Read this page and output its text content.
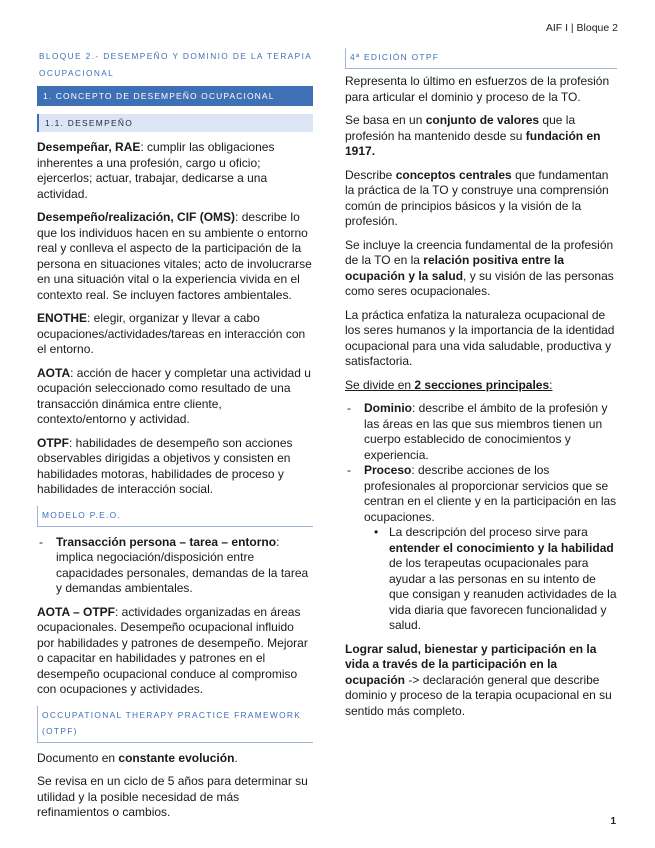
AIF I | Bloque 2
BLOQUE 2.- DESEMPEÑO Y DOMINIO DE LA TERAPIA OCUPACIONAL
1. CONCEPTO DE DESEMPEÑO OCUPACIONAL
1.1. DESEMPEÑO

Desempeñar, RAE: cumplir las obligaciones inherentes a una profesión, cargo u oficio; ejercerlos; actuar, trabajar, dedicarse a una actividad.

Desempeño/realización, CIF (OMS): describe lo que los individuos hacen en su ambiente o entorno real y conlleva el aspecto de la participación de la persona en situaciones vitales; acto de involucrarse en una situación vital o la experiencia vivida en el contexto real. Se incluyen factores ambientales.

ENOTHE: elegir, organizar y llevar a cabo ocupaciones/actividades/tareas en interacción con el entorno.

AOTA: acción de hacer y completar una actividad u ocupación seleccionado como resultado de una transacción dinámica entre cliente, contexto/entorno y actividad.

OTPF: habilidades de desempeño son acciones observables dirigidas a objetivos y consisten en habilidades motoras, habilidades de proceso y habilidades de interacción social.

MODELO P.E.O.
- Transacción persona – tarea – entorno: implica negociación/disposición entre capacidades personales, demandas de la tarea y demandas ambientales.

AOTA – OTPF: actividades organizadas en áreas ocupacionales. Desempeño ocupacional influido por habilidades y patrones de desempeño. Mejorar o capacitar en habilidades y patrones en el desempeño ocupacional conduce al compromiso con ocupaciones y actividades.

OCCUPATIONAL THERAPY PRACTICE FRAMEWORK (OTPF)

Documento en constante evolución.

Se revisa en un ciclo de 5 años para determinar su utilidad y la posible necesidad de más refinamientos o cambios.

4ª EDICIÓN OTPF

Representa lo último en esfuerzos de la profesión para articular el dominio y proceso de la TO.

Se basa en un conjunto de valores que la profesión ha mantenido desde su fundación en 1917.

Describe conceptos centrales que fundamentan la práctica de la TO y construye una comprensión común de principios básicos y la visión de la profesión.

Se incluye la creencia fundamental de la profesión de la TO en la relación positiva entre la ocupación y la salud, y su visión de las personas como seres ocupacionales.

La práctica enfatiza la naturaleza ocupacional de los seres humanos y la importancia de la identidad ocupacional para una vida saludable, productiva y satisfactoria.

Se divide en 2 secciones principales:

- Dominio: describe el ámbito de la profesión y las áreas en las que sus miembros tienen un cuerpo establecido de conocimientos y experiencia.
- Proceso: describe acciones de los profesionales al proporcionar servicios que se centran en el cliente y en la participación en las ocupaciones.
• La descripción del proceso sirve para entender el conocimiento y la habilidad de los terapeutas ocupacionales para ayudar a las personas en su intento de que consigan y reanuden actividades de la vida diaria que favorecen funcionalidad y salud.

Lograr salud, bienestar y participación en la vida a través de la participación en la ocupación -> declaración general que describe dominio y proceso de la terapia ocupacional en su sentido más completo.

1
